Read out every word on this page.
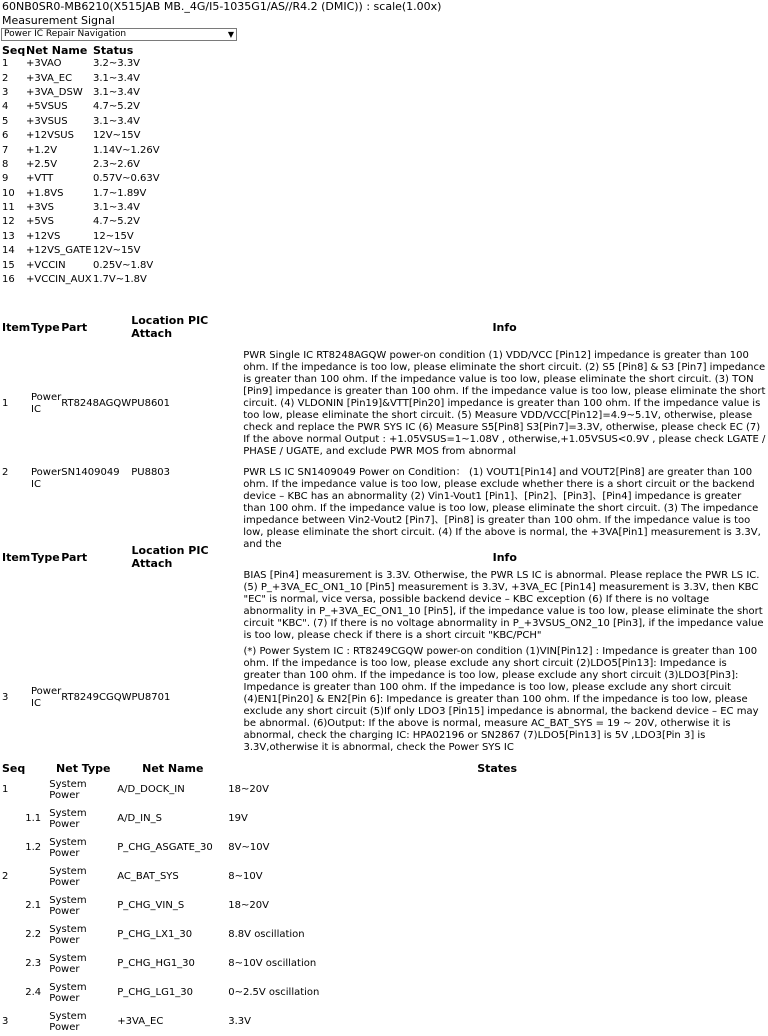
60NB0SR0-MB6210(X515JAB MB._4G/I5-1035G1/AS//R4.2 (DMIC)) : scale(1.00x)
Measurement Signal
Power IC Repair Navigation	▼
Seq	Net Name	Status
1	+3VAO	3.2~3.3V
2	+3VA_EC	3.1~3.4V
3	+3VA_DSW	3.1~3.4V
4	+5VSUS	4.7~5.2V
5	+3VSUS	3.1~3.4V
6	+12VSUS	12V~15V
7	+1.2V	1.14V~1.26V
8	+2.5V	2.3~2.6V
9	+VTT	0.57V~0.63V
10	+1.8VS	1.7~1.89V
11	+3VS	3.1~3.4V
12	+5VS	4.7~5.2V
13	+12VS	12~15V
14	+12VS_GATE	12V~15V
15	+VCCIN	0.25V~1.8V
16	+VCCIN_AUX	1.7V~1.8V
Item	Type	Part	Location PIC Attach	Info
1	Power IC	RT8248AGQW	PU8601	PWR Single IC RT8248AGQW power-on condition (1) VDD/VCC [Pin12] impedance is greater than 100 ohm. If the impedance is too low, please eliminate the short circuit. (2) S5 [Pin8] & S3 [Pin7] impedance is greater than 100 ohm. If the impedance value is too low, please eliminate the short circuit. (3) TON [Pin9] impedance is greater than 100 ohm. If the impedance value is too low, please eliminate the short circuit. (4) VLDONIN [Pin19]&VTT[Pin20] impedance is greater than 100 ohm. If the impedance value is too low, please eliminate the short circuit. (5) Measure VDD/VCC[Pin12]=4.9~5.1V, otherwise, please check and replace the PWR SYS IC (6) Measure S5[Pin8] S3[Pin7]=3.3V, otherwise, please check EC (7) If the above normal Output : +1.05VSUS=1~1.08V , otherwise,+1.05VSUS<0.9V , please check LGATE / PHASE / UGATE, and exclude PWR MOS from abnormal
2	Power IC	SN1409049	PU8803	PWR LS IC SN1409049 Power on Condition： (1) VOUT1[Pin14] and VOUT2[Pin8] are greater than 100 ohm. If the impedance value is too low, please exclude whether there is a short circuit or the backend device – KBC has an abnormality (2) Vin1-Vout1 [Pin1]、[Pin2]、[Pin3]、[Pin4] impedance is greater than 100 ohm. If the impedance value is too low, please eliminate the short circuit. (3) The impedance impedance between Vin2-Vout2 [Pin7]、[Pin8] is greater than 100 ohm. If the impedance value is too low, please eliminate the short circuit. (4) If the above is normal, the +3VA[Pin1] measurement is 3.3V, and the
Item	Type	Part	Location PIC Attach	Info
				BIAS [Pin4] measurement is 3.3V. Otherwise, the PWR LS IC is abnormal. Please replace the PWR LS IC. (5) P_+3VA_EC_ON1_10 [Pin5] measurement is 3.3V, +3VA_EC [Pin14] measurement is 3.3V, then KBC "EC" is normal, vice versa, possible backend device – KBC exception (6) If there is no voltage abnormality in P_+3VA_EC_ON1_10 [Pin5], if the impedance value is too low, please eliminate the short circuit "KBC". (7) If there is no voltage abnormality in P_+3VSUS_ON2_10 [Pin3], if the impedance value is too low, please check if there is a short circuit "KBC/PCH"
3	Power IC	RT8249CGQW	PU8701	(*) Power System IC : RT8249CGQW power-on condition (1)VIN[Pin12] : Impedance is greater than 100 ohm. If the impedance is too low, please exclude any short circuit (2)LDO5[Pin13]: Impedance is greater than 100 ohm. If the impedance is too low, please exclude any short circuit (3)LDO3[Pin3]: Impedance is greater than 100 ohm. If the impedance is too low, please exclude any short circuit (4)EN1[Pin20] & EN2[Pin 6]: Impedance is greater than 100 ohm. If the impedance is too low, please exclude any short circuit (5)If only LDO3 [Pin15] impedance is abnormal, the backend device – EC may be abnormal. (6)Output: If the above is normal, measure AC_BAT_SYS = 19 ~ 20V, otherwise it is abnormal, check the charging IC: HPA02196 or SN2867 (7)LDO5[Pin13] is 5V ,LDO3[Pin 3] is 3.3V,otherwise it is abnormal, check the Power SYS IC
Seq		Net Type	Net Name	States
1		System Power	A/D_DOCK_IN	18~20V
	1.1	System Power	A/D_IN_S	19V
	1.2	System Power	P_CHG_ASGATE_30	8V~10V
2		System Power	AC_BAT_SYS	8~10V
	2.1	System Power	P_CHG_VIN_S	18~20V
	2.2	System Power	P_CHG_LX1_30	8.8V oscillation
	2.3	System Power	P_CHG_HG1_30	8~10V oscillation
	2.4	System Power	P_CHG_LG1_30	0~2.5V oscillation
3		System Power	+3VA_EC	3.3V
